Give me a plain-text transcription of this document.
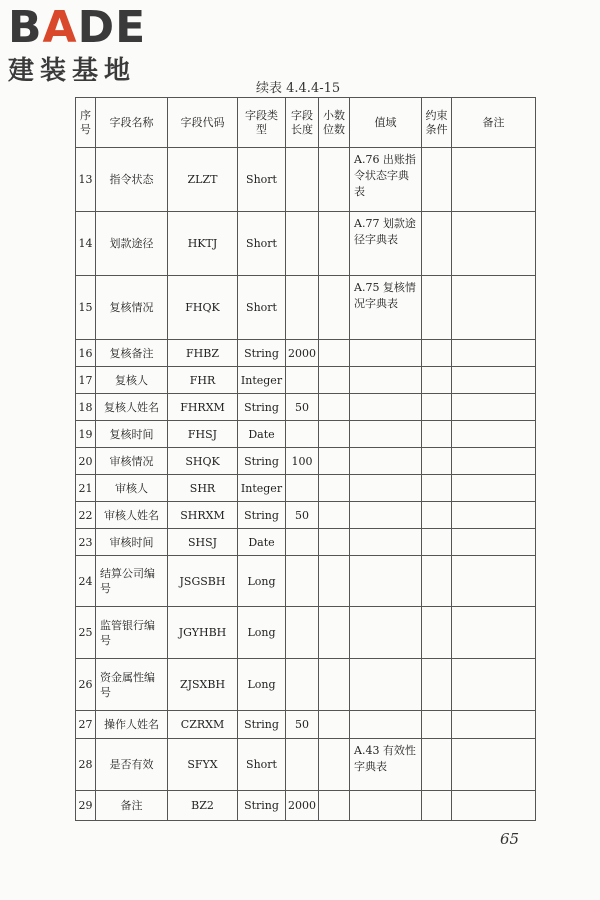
BADE
建装基地
续表 4.4.4-15
序号	字段名称	字段代码	字段类型	字段长度	小数位数	值域	约束条件	备注
13	指令状态	ZLZT	Short			A.76 出账指令状态字典表		
14	划款途径	HKTJ	Short			A.77 划款途径字典表		
15	复核情况	FHQK	Short			A.75 复核情况字典表		
16	复核备注	FHBZ	String	2000				
17	复核人	FHR	Integer					
18	复核人姓名	FHRXM	String	50				
19	复核时间	FHSJ	Date					
20	审核情况	SHQK	String	100				
21	审核人	SHR	Integer					
22	审核人姓名	SHRXM	String	50				
23	审核时间	SHSJ	Date					
24	结算公司编号	JSGSBH	Long					
25	监管银行编号	JGYHBH	Long					
26	资金属性编号	ZJSXBH	Long					
27	操作人姓名	CZRXM	String	50				
28	是否有效	SFYX	Short			A.43 有效性字典表		
29	备注	BZ2	String	2000				
65
